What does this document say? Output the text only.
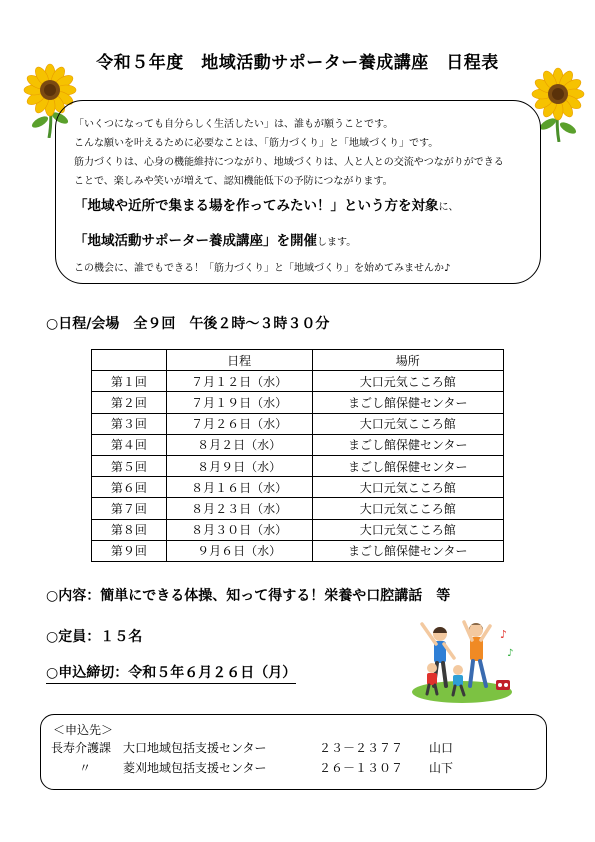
令和５年度　地域活動サポーター養成講座　日程表
「いくつになっても自分らしく生活したい」は、誰もが願うことです。
こんな願いを叶えるために必要なことは、「筋力づくり」と「地域づくり」です。
筋力づくりは、心身の機能維持につながり、地域づくりは、人と人との交流やつながりができる
ことで、楽しみや笑いが増えて、認知機能低下の予防につながります。
「地域や近所で集まる場を作ってみたい！」という方を対象に、
「地域活動サポーター養成講座」を開催します。
この機会に、誰でもできる！「筋力づくり」と「地域づくり」を始めてみませんか♪
○日程/会場　全９回　午後２時～３時３０分
	日程	場所
第１回	７月１２日（水）	大口元気こころ館
第２回	７月１９日（水）	まごし館保健センター
第３回	７月２６日（水）	大口元気こころ館
第４回	８月２日（水）	まごし館保健センター
第５回	８月９日（水）	まごし館保健センター
第６回	８月１６日（水）	大口元気こころ館
第７回	８月２３日（水）	大口元気こころ館
第８回	８月３０日（水）	大口元気こころ館
第９回	９月６日（水）	まごし館保健センター
○内容：簡単にできる体操、知って得する！栄養や口腔講話　等
○定員：１５名
○申込締切：令和５年６月２６日（月）
♪
♪
＜申込先＞
長寿介護課 大口地域包括支援センター	２３－２３７７ 山口
〃	菱刈地域包括支援センター	２６－１３０７ 山下
